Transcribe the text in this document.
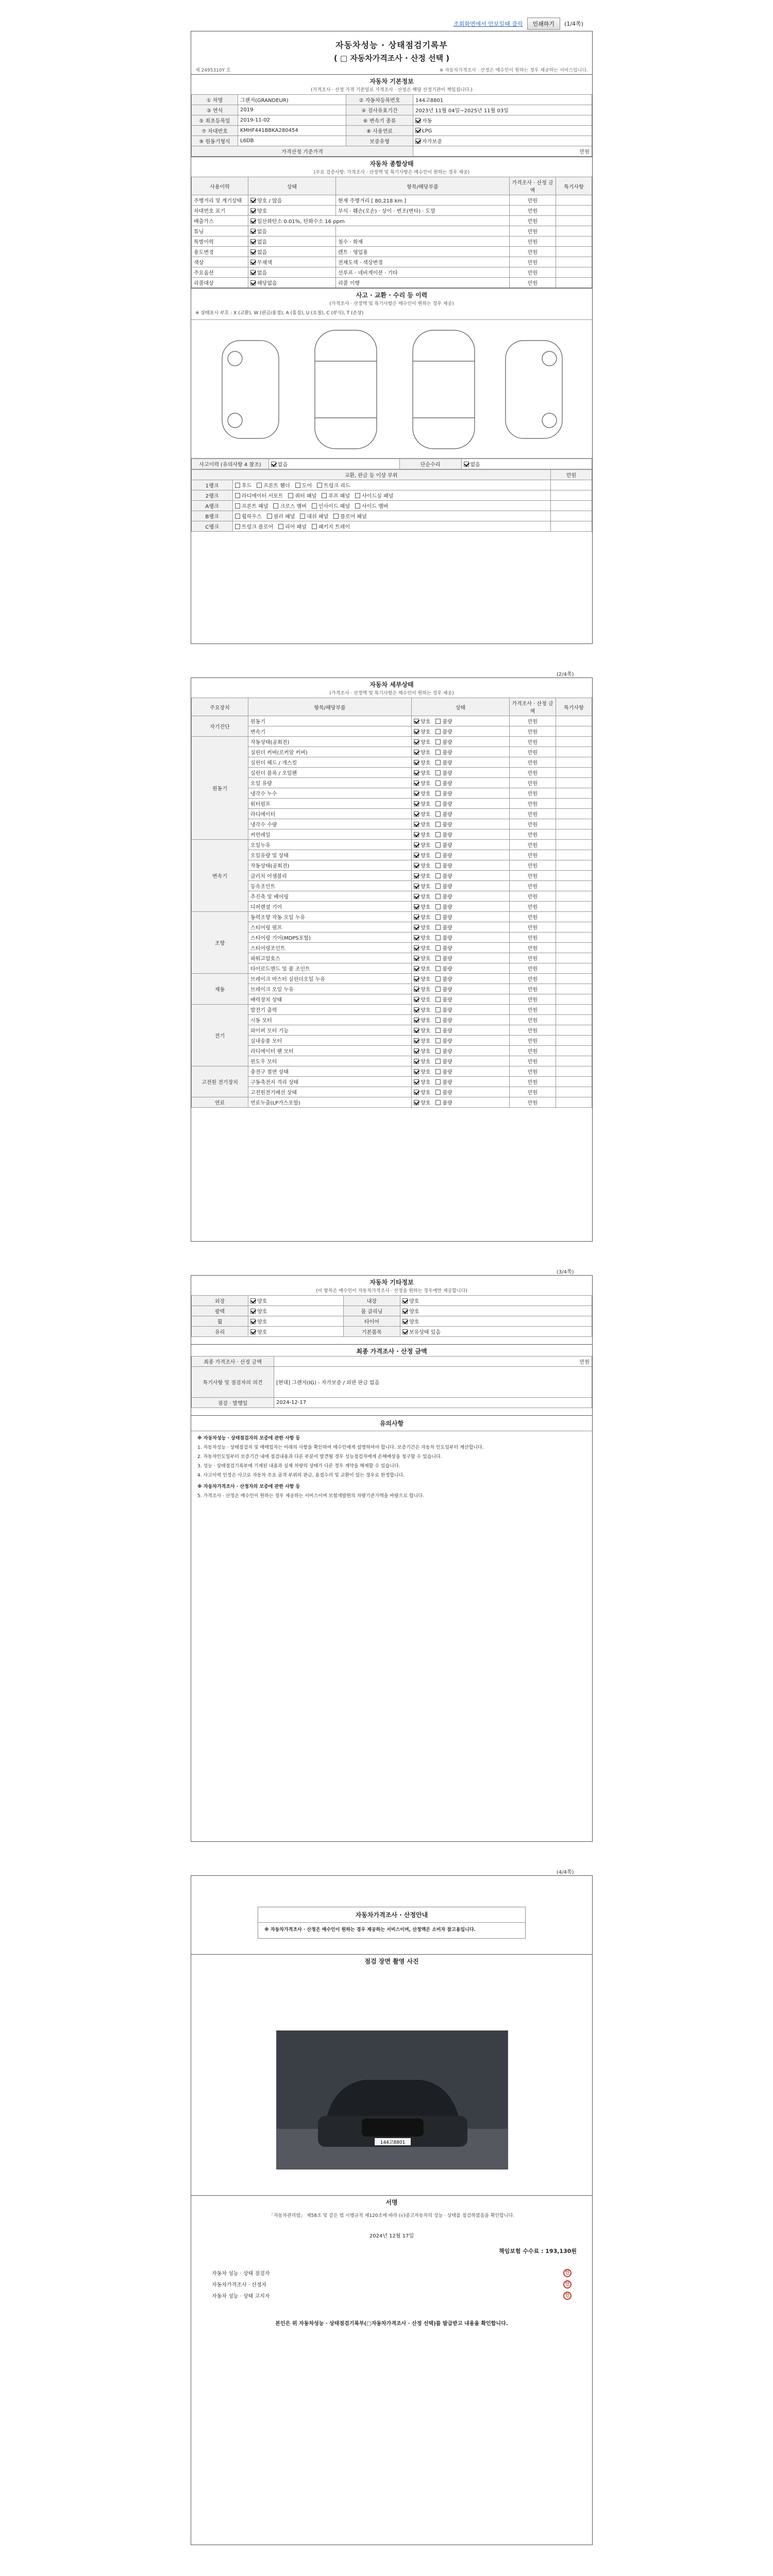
조회화면에서 안보일때 클릭	인쇄하기	(1/4쪽)
자동차성능 · 상태점검기록부
( □ 자동차가격조사 · 산정 선택 )
제 2495310Y 호	※ 자동차가격조사 · 산정은 매수인이 원하는 경우 제공하는 서비스입니다.
자동차 기본정보
(가격조사 · 산정 가격 기준일로 가격조사 · 산정은 해당 산정기관이 책임집니다.)
① 차명	그랜저(GRANDEUR)	② 자동차등록번호	144고8801
③ 연식	2019	④ 검사유효기간	2023년 11월 04일~2025년 11월 03일
⑤ 최초등록일	2019-11-02	⑥ 변속기 종류	자동
⑦ 차대번호	KMHF441BBKA280454	⑧ 사용연료	LPG
⑨ 원동기형식	L6DB	보증유형	자가보증
가격산정 기준가격			만원
자동차 종합상태
(주요 검증사항: 가격조사 · 산정액 및 특기사항은 매수인이 원하는 경우 제공)
사용이력	상태	항목/해당부품	가격조사 · 산정 금액	특기사항
주행거리 및 계기상태	양호 / 많음	현재 주행거리 [ 80,218 km ]	만원	
차대번호 표기	양호	부식 · 훼손(오손) · 상이 · 변조(변타) · 도말	만원	
배출가스	일산화탄소 0.01%, 탄화수소 16 ppm		만원	
튜닝	없음		만원	
특별이력	없음	침수 · 화재	만원	
용도변경	없음	렌트 · 영업용	만원	
색상	무채색	전체도색 · 색상변경	만원	
주요옵션	없음	선루프 · 네비게이션 · 기타	만원	
리콜대상	해당없음	리콜 이행	만원	
사고 · 교환 · 수리 등 이력
(가격조사 · 산정액 및 특기사항은 매수인이 원하는 경우 제공)
※ 상태표시 부호 : X (교환), W (판금/용접), A (흠집), U (요철), C (부식), T (손상)
사고이력 (유의사항 4 참조)	없음	단순수리	없음
교환, 판금 등 이상 부위		만원
1랭크	후드 프론트 휀더 도어 트렁크 리드	
2랭크	라디에이터 서포트 쿼터 패널 루프 패널 사이드실 패널	
A랭크	프론트 패널 크로스 멤버 인사이드 패널 사이드 멤버	
B랭크	휠하우스 필러 패널 대쉬 패널 플로어 패널	
C랭크	트렁크 플로어 리어 패널 패키지 트레이	
(2/4쪽)
자동차 세부상태
(가격조사 · 산정액 및 특기사항은 매수인이 원하는 경우 제공)
주요장치	항목/해당부품	상태	가격조사 · 산정 금액	특기사항
자기진단	원동기	양호 불량	만원	
	변속기	양호 불량	만원	
원동기	작동상태(공회전)	양호 불량	만원	
	실린더 커버(로커암 커버)	양호 불량	만원	
	실린더 헤드 / 개스킷	양호 불량	만원	
	실린더 블록 / 오일팬	양호 불량	만원	
	오일 유량	양호 불량	만원	
	냉각수 누수	양호 불량	만원	
	워터펌프	양호 불량	만원	
	라디에이터	양호 불량	만원	
	냉각수 수량	양호 불량	만원	
	커먼레일	양호 불량	만원	
변속기	오일누유	양호 불량	만원	
	오일유량 및 상태	양호 불량	만원	
	작동상태(공회전)	양호 불량	만원	
	클러치 어셈블리	양호 불량	만원	
	등속조인트	양호 불량	만원	
	추진축 및 베어링	양호 불량	만원	
	디퍼렌셜 기어	양호 불량	만원	
조향	동력조향 작동 오일 누유	양호 불량	만원	
	스티어링 펌프	양호 불량	만원	
	스티어링 기어(MDPS포함)	양호 불량	만원	
	스티어링조인트	양호 불량	만원	
	파워고압호스	양호 불량	만원	
	타이로드엔드 및 볼 조인트	양호 불량	만원	
제동	브레이크 마스터 실린더오일 누유	양호 불량	만원	
	브레이크 오일 누유	양호 불량	만원	
	배력장치 상태	양호 불량	만원	
전기	발전기 출력	양호 불량	만원	
	시동 모터	양호 불량	만원	
	와이퍼 모터 기능	양호 불량	만원	
	실내송풍 모터	양호 불량	만원	
	라디에이터 팬 모터	양호 불량	만원	
	윈도우 모터	양호 불량	만원	
고전원 전기장치	충전구 절연 상태	양호 불량	만원	
	구동축전지 격리 상태	양호 불량	만원	
	고전원전기배선 상태	양호 불량	만원	
연료	연료누출(LP가스포함)	양호 불량	만원	
(3/4쪽)
자동차 기타정보
(이 항목은 매수인이 자동차가격조사 · 산정을 원하는 경우에만 제공합니다)
외장	양호	내장	양호
광택	양호	룸 클리닝	양호
휠	양호	타이어	양호
유리	양호	기본품목	보유상태 있음
최종 가격조사 · 산정 금액
최종 가격조사 · 산정 금액	만원
특기사항 및 점검자의 의견	[현대] 그랜저(IG) - 자가보증 / 외판 판금 없음
점검 · 발행일	2024-12-17
유의사항

※ 자동차성능 · 상태점검자의 보증에 관한 사항 등

1. 자동차성능 · 상태점검자 및 매매업자는 아래의 사항을 확인하여 매수인에게 설명하여야 합니다. 보증기간은 자동차 인도일부터 계산합니다.

2. 자동차인도일부터 보증기간 내에 점검내용과 다른 부분이 발견될 경우 성능점검자에게 손해배상을 청구할 수 있습니다.

3. 성능 · 상태점검기록부에 기재된 내용과 실제 차량의 상태가 다른 경우 계약을 해제할 수 있습니다.

4. 사고이력 인정은 사고로 자동차 주요 골격 부위의 판금, 용접수리 및 교환이 있는 경우로 한정합니다.

※ 자동차가격조사 · 산정자의 보증에 관한 사항 등

5. 가격조사 · 산정은 매수인이 원하는 경우 제공하는 서비스이며 보험개발원의 차량기준가액을 바탕으로 합니다.

(4/4쪽)
자동차가격조사 · 산정안내
※ 자동차가격조사 · 산정은 매수인이 원하는 경우 제공하는 서비스이며, 산정액은 소비자 참고용입니다.
점검 장면 촬영 사진
144고8801
서명
「자동차관리법」 제58조 및 같은 법 시행규칙 제120조에 따라 (√)중고자동차의 성능 · 상태를 점검하였음을 확인합니다.
2024년 12월 17일
책임보험 수수료 : 193,130원
자동차 성능 · 상태 점검자	인
자동차가격조사 · 산정자	인
자동차 성능 · 상태 고지자	인
본인은 위 자동차성능 · 상태점검기록부(□자동차가격조사 · 산정 선택)를 발급받고 내용을 확인합니다.
